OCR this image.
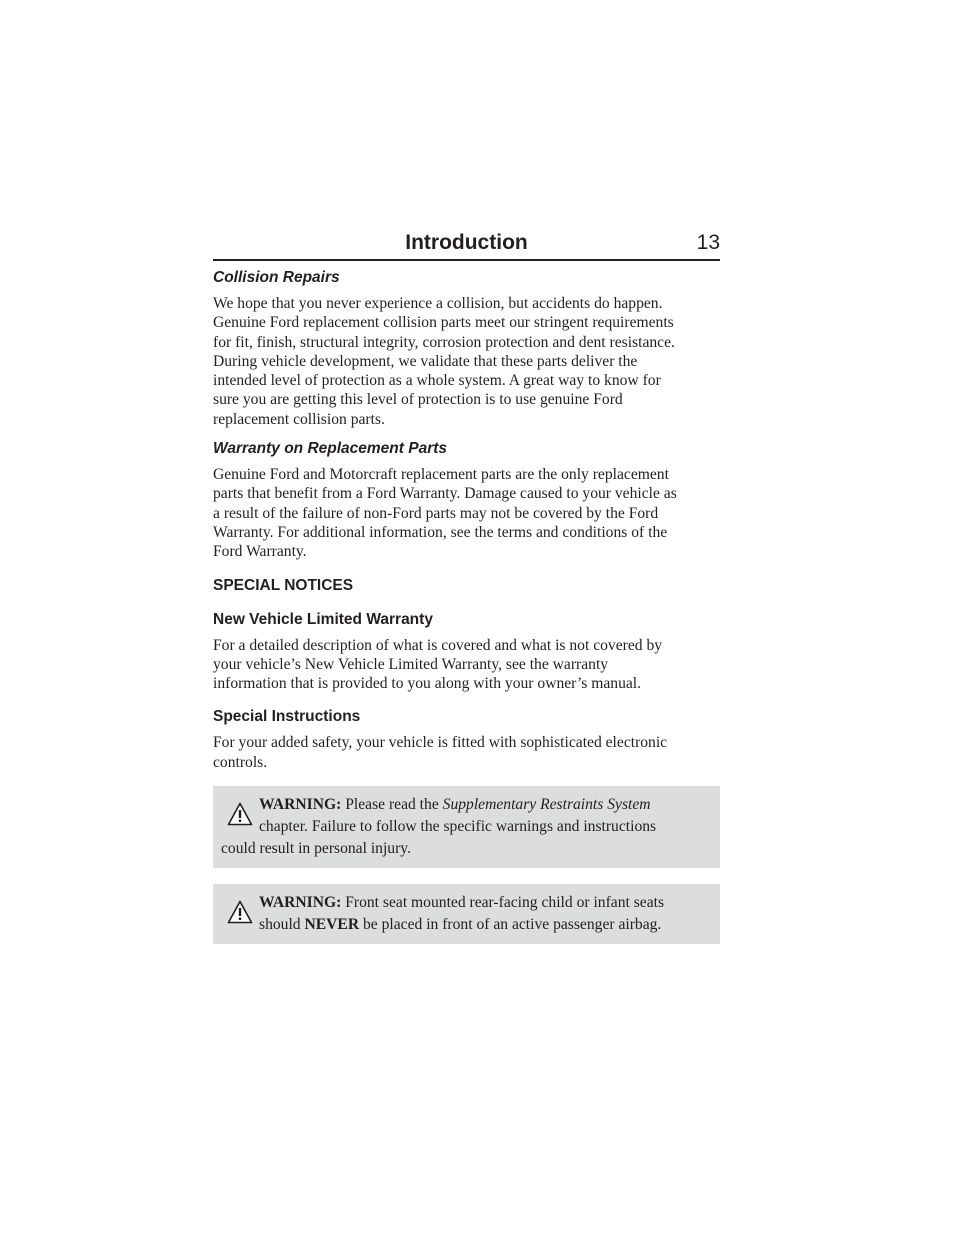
Introduction	13
Collision Repairs
We hope that you never experience a collision, but accidents do happen.
Genuine Ford replacement collision parts meet our stringent requirements
for fit, finish, structural integrity, corrosion protection and dent resistance.
During vehicle development, we validate that these parts deliver the
intended level of protection as a whole system. A great way to know for
sure you are getting this level of protection is to use genuine Ford
replacement collision parts.
Warranty on Replacement Parts
Genuine Ford and Motorcraft replacement parts are the only replacement
parts that benefit from a Ford Warranty. Damage caused to your vehicle as
a result of the failure of non-Ford parts may not be covered by the Ford
Warranty. For additional information, see the terms and conditions of the
Ford Warranty.
SPECIAL NOTICES
New Vehicle Limited Warranty
For a detailed description of what is covered and what is not covered by
your vehicle’s New Vehicle Limited Warranty, see the warranty
information that is provided to you along with your owner’s manual.
Special Instructions
For your added safety, your vehicle is fitted with sophisticated electronic
controls.
WARNING: Please read the Supplementary Restraints System
chapter. Failure to follow the specific warnings and instructions
could result in personal injury.
WARNING: Front seat mounted rear-facing child or infant seats
should NEVER be placed in front of an active passenger airbag.
